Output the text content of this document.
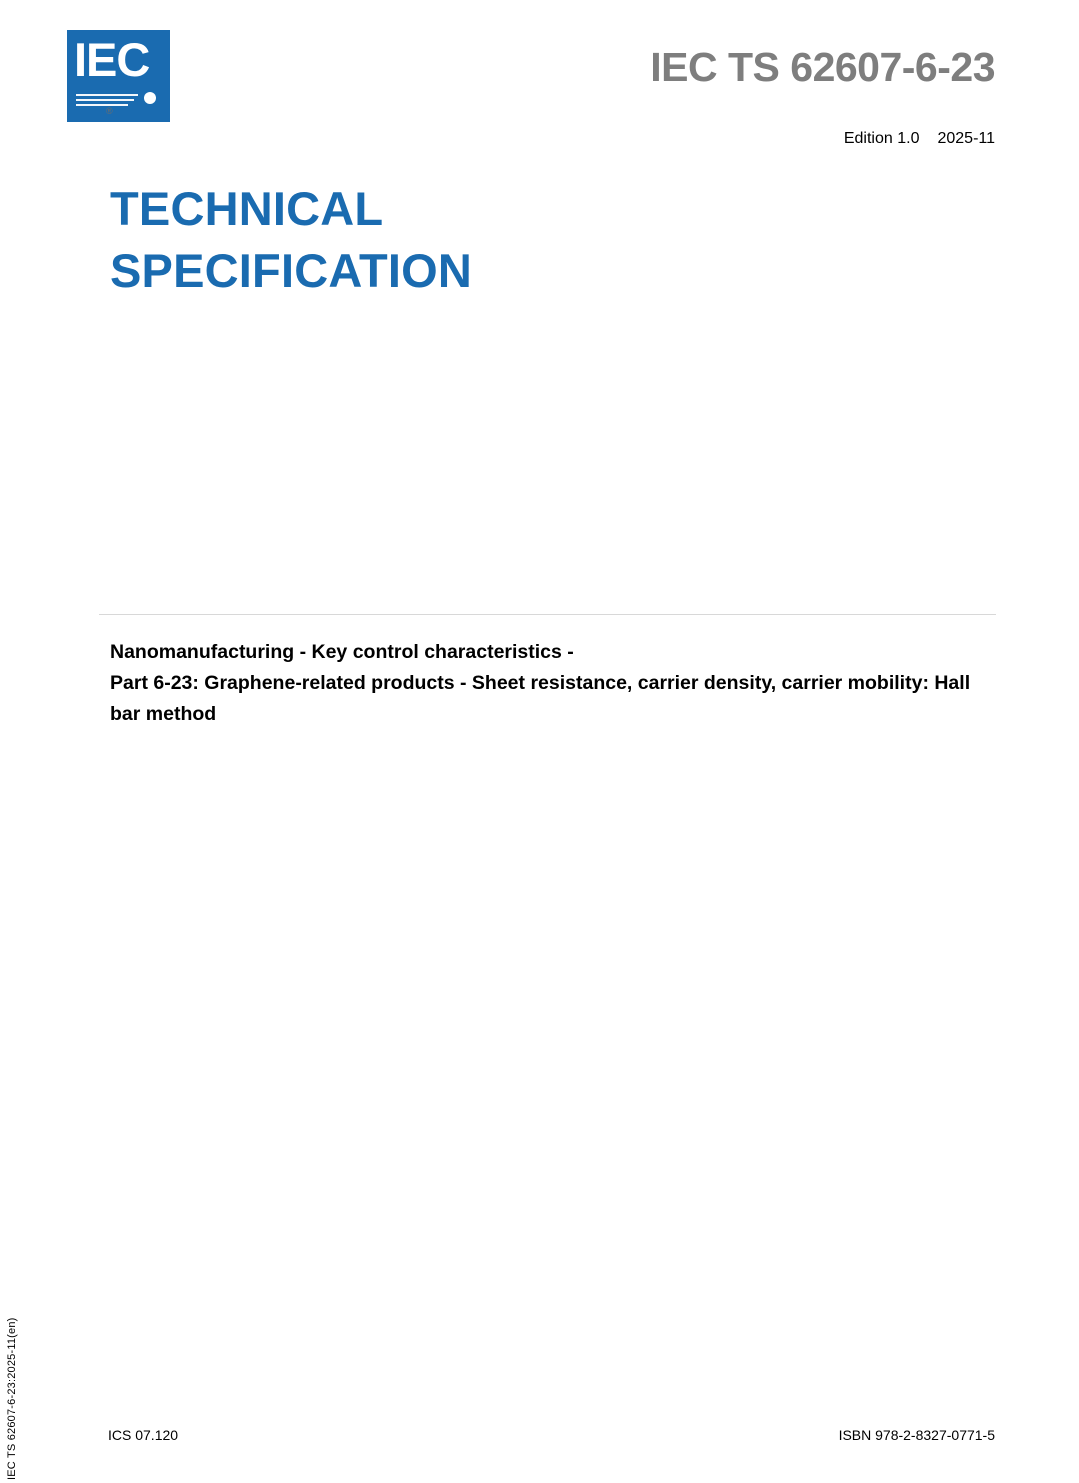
IEC TS 62607-6-23:2025-11(en)
IEC
®
IEC TS 62607-6-23
Edition 1.0 2025-11
TECHNICAL
SPECIFICATION
Nanomanufacturing - Key control characteristics -
Part 6-23: Graphene-related products - Sheet resistance, carrier density, carrier mobility: Hall bar method
ICS 07.120	ISBN 978-2-8327-0771-5
